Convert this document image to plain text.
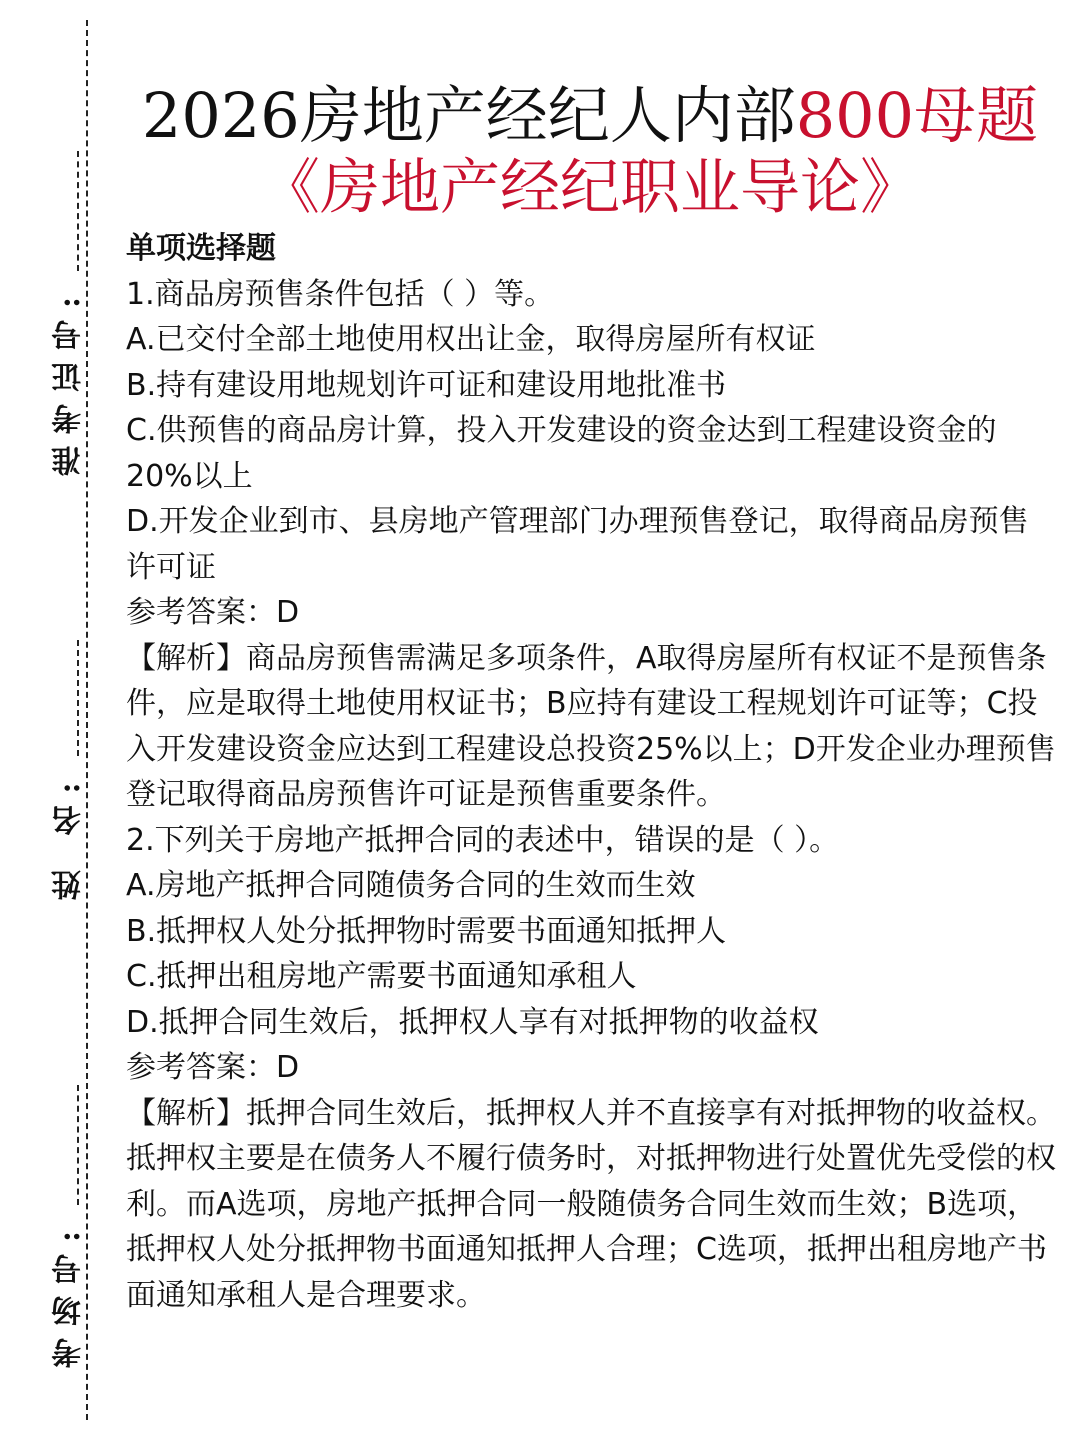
准考证号:
姓 名:
考场号:
2026房地产经纪人内部800母题
《房地产经纪职业导论》
单项选择题

1.商品房预售条件包括（ ）等。

A.已交付全部土地使用权出让金，取得房屋所有权证

B.持有建设用地规划许可证和建设用地批准书

C.供预售的商品房计算，投入开发建设的资金达到工程建设资金的20%以上

D.开发企业到市、县房地产管理部门办理预售登记，取得商品房预售许可证

参考答案：D

【解析】商品房预售需满足多项条件，A取得房屋所有权证不是预售条件，应是取得土地使用权证书；B应持有建设工程规划许可证等；C投入开发建设资金应达到工程建设总投资25%以上；D开发企业办理预售登记取得商品房预售许可证是预售重要条件。

2.下列关于房地产抵押合同的表述中，错误的是（ ）。

A.房地产抵押合同随债务合同的生效而生效

B.抵押权人处分抵押物时需要书面通知抵押人

C.抵押出租房地产需要书面通知承租人

D.抵押合同生效后，抵押权人享有对抵押物的收益权

参考答案：D

【解析】抵押合同生效后，抵押权人并不直接享有对抵押物的收益权。抵押权主要是在债务人不履行债务时，对抵押物进行处置优先受偿的权利。而A选项，房地产抵押合同一般随债务合同生效而生效；B选项，抵押权人处分抵押物书面通知抵押人合理；C选项，抵押出租房地产书面通知承租人是合理要求。
